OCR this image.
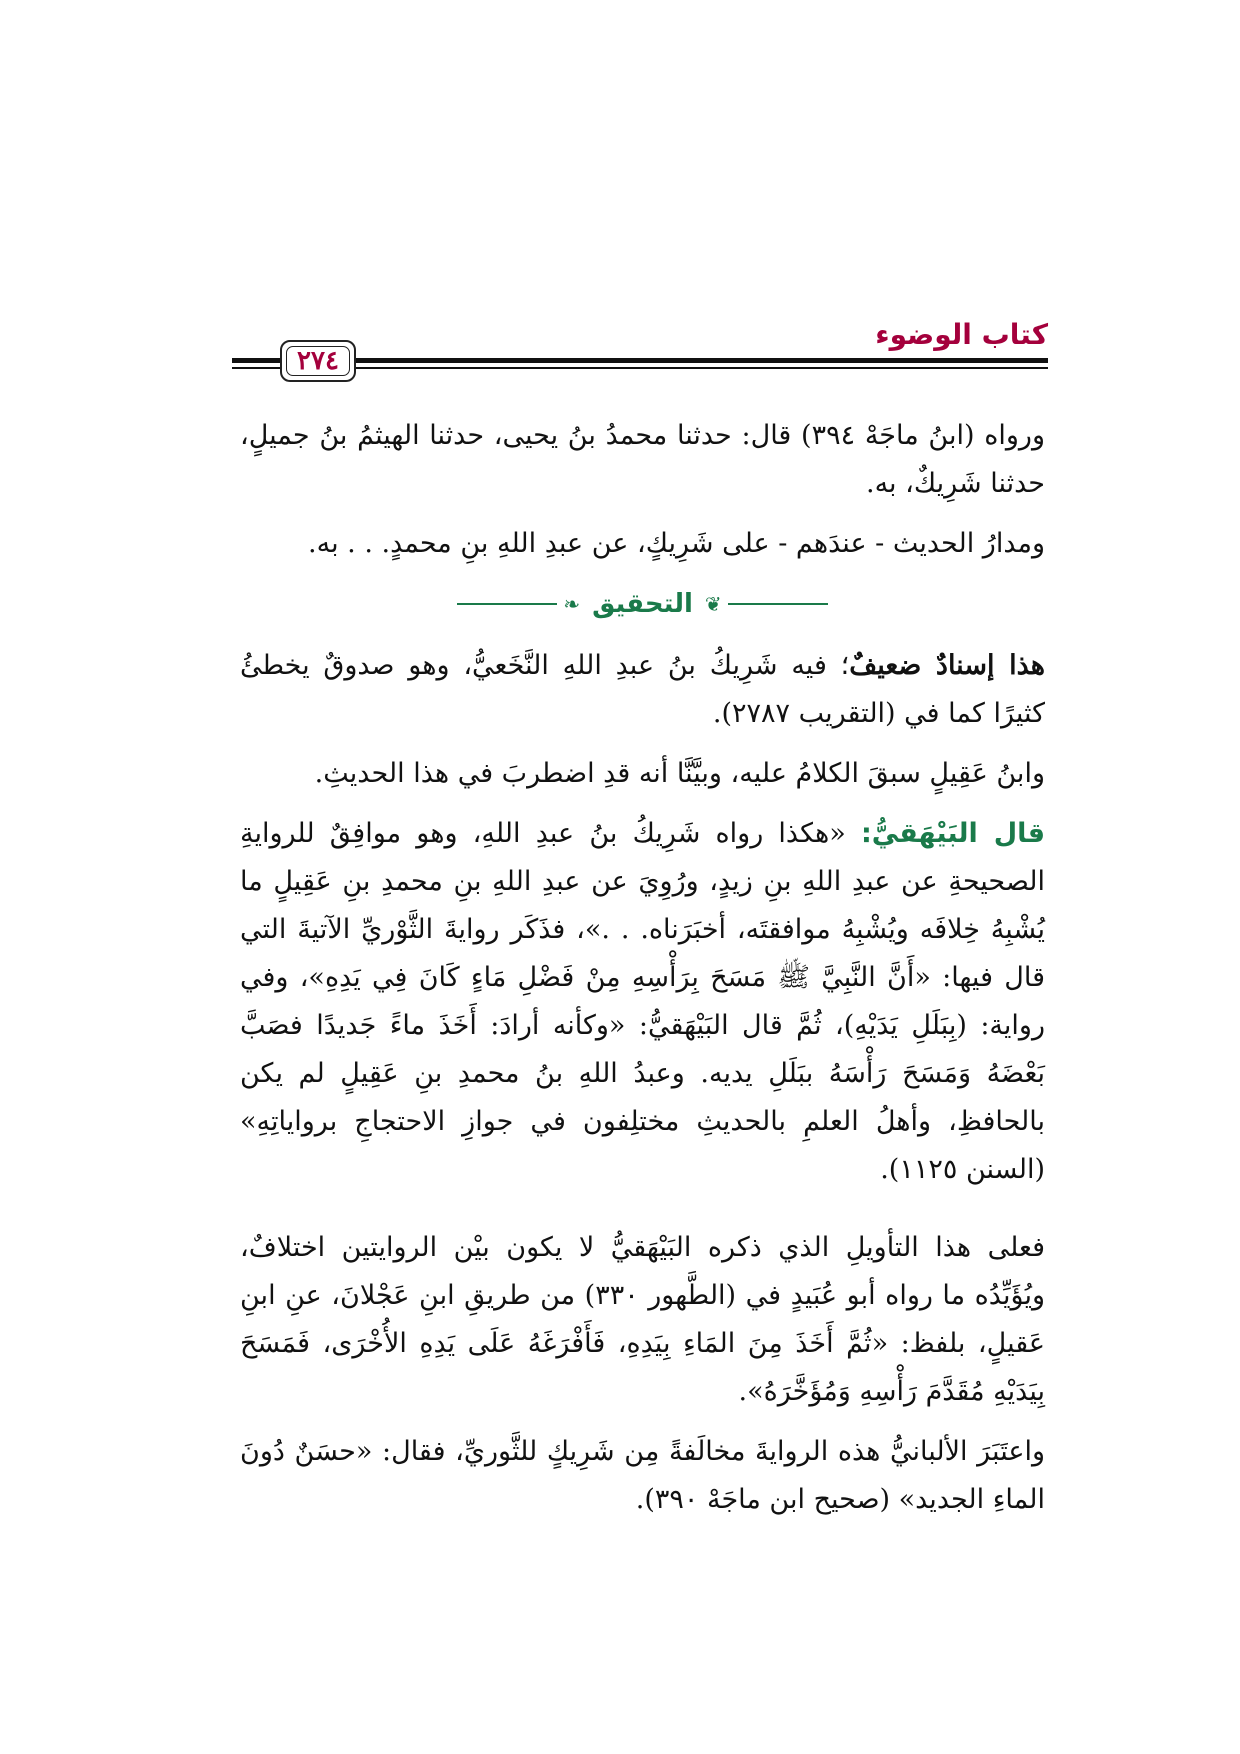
كتاب الوضوء
٢٧٤

ورواه (ابنُ ماجَهْ ٣٩٤) قال: حدثنا محمدُ بنُ يحيى، حدثنا الهيثمُ بنُ جميلٍ، حدثنا شَرِيكٌ، به.

ومدارُ الحديث - عندَهم - على شَرِيكٍ، عن عبدِ اللهِ بنِ محمدٍ. . . به.

❦
التحقيق
❧

هذا إسنادٌ ضعيفٌ؛ فيه شَرِيكُ بنُ عبدِ اللهِ النَّخَعيُّ، وهو صدوقٌ يخطئُ كثيرًا كما في (التقريب ٢٧٨٧).

وابنُ عَقِيلٍ سبقَ الكلامُ عليه، وبيَّنَّا أنه قدِ اضطربَ في هذا الحديثِ.

قال البَيْهَقيُّ: «هكذا رواه شَرِيكُ بنُ عبدِ اللهِ، وهو موافِقٌ للروايةِ الصحيحةِ عن عبدِ اللهِ بنِ زيدٍ، ورُوِيَ عن عبدِ اللهِ بنِ محمدِ بنِ عَقِيلٍ ما يُشْبِهُ خِلافَه ويُشْبِهُ موافقتَه، أخبَرَناه. . .»، فذَكَر روايةَ الثَّوْريِّ الآتيةَ التي قال فيها: «أَنَّ النَّبِيَّ ﷺ مَسَحَ بِرَأْسِهِ مِنْ فَضْلِ مَاءٍ كَانَ فِي يَدِهِ»، وفي رواية: (بِبَلَلِ يَدَيْهِ)، ثُمَّ قال البَيْهَقيُّ: «وكأنه أرادَ: أَخَذَ ماءً جَديدًا فصَبَّ بَعْضَهُ وَمَسَحَ رَأْسَهُ ببَلَلِ يديه. وعبدُ اللهِ بنُ محمدِ بنِ عَقِيلٍ لم يكن بالحافظِ، وأهلُ العلمِ بالحديثِ مختلِفون في جوازِ الاحتجاجِ برواياتِهِ» (السنن ١١٢٥).

فعلى هذا التأويلِ الذي ذكره البَيْهَقيُّ لا يكون بيْن الروايتين اختلافٌ، ويُؤَيِّدُه ما رواه أبو عُبَيدٍ في (الطَّهور ٣٣٠) من طريقِ ابنِ عَجْلانَ، عنِ ابنِ عَقيلٍ، بلفظ: «ثُمَّ أَخَذَ مِنَ المَاءِ بِيَدِهِ، فَأَفْرَغَهُ عَلَى يَدِهِ الأُخْرَى، فَمَسَحَ بِيَدَيْهِ مُقَدَّمَ رَأْسِهِ وَمُؤَخَّرَهُ».

واعتَبَرَ الألبانيُّ هذه الروايةَ مخالَفةً مِن شَرِيكٍ للثَّوريِّ، فقال: «حسَنٌ دُونَ الماءِ الجديد» (صحيح ابن ماجَهْ ٣٩٠).
